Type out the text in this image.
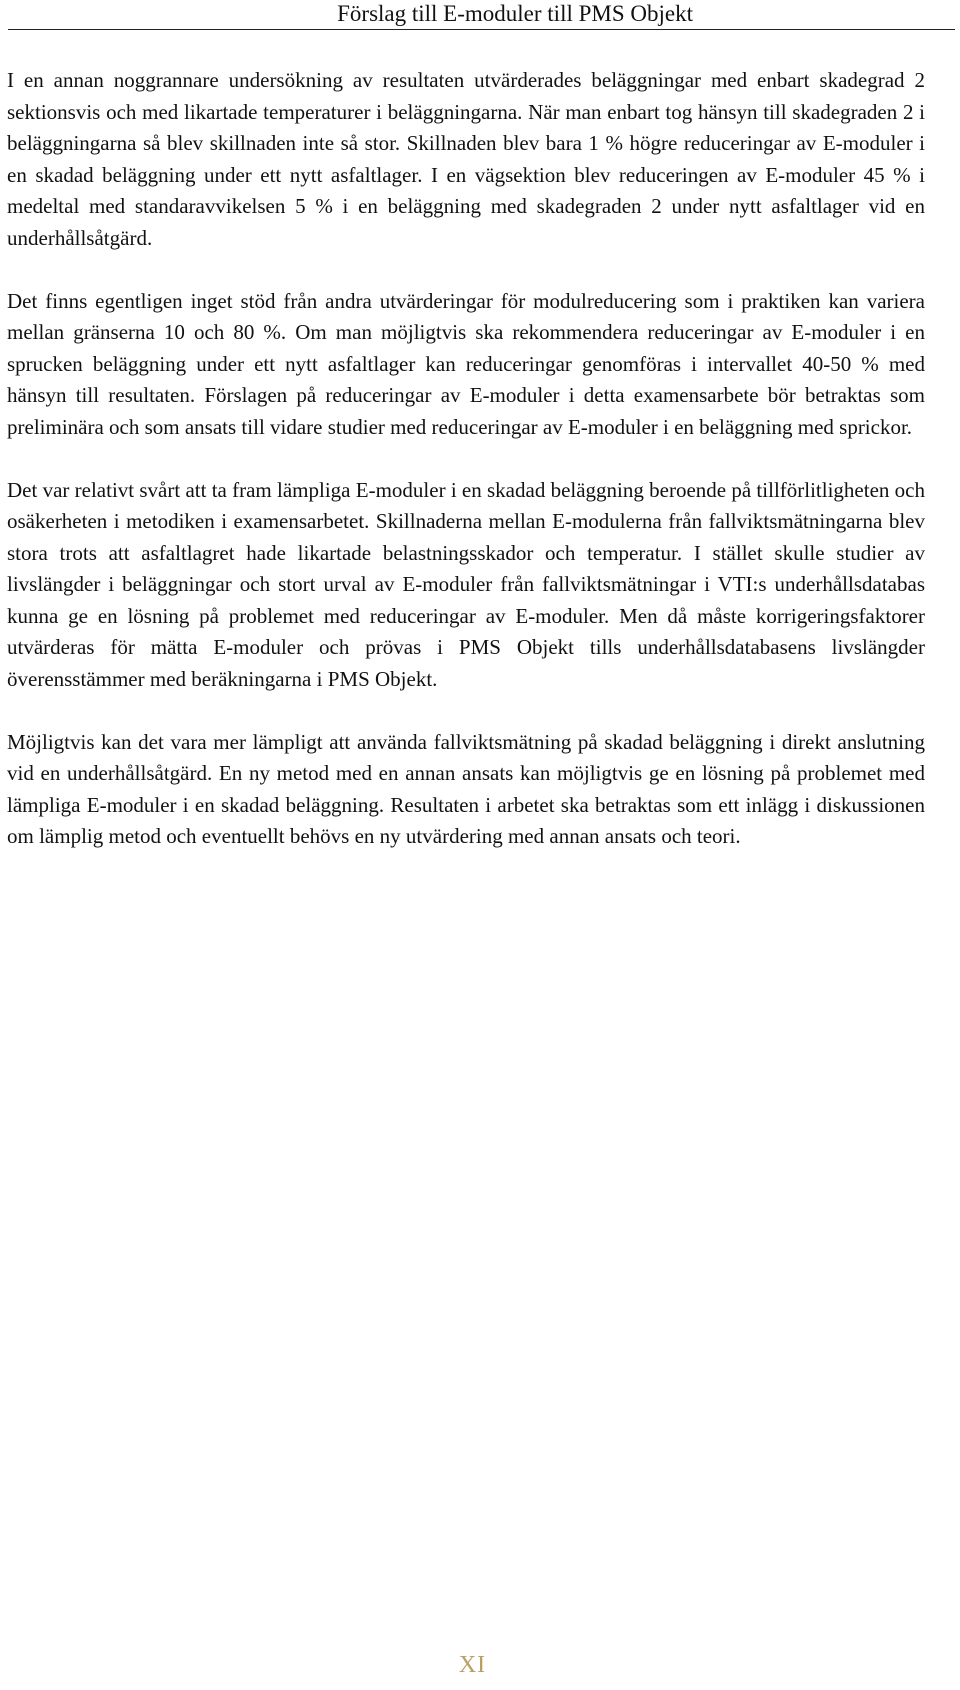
Förslag till E-moduler till PMS Objekt

I en annan noggrannare undersökning av resultaten utvärderades beläggningar med enbart skadegrad 2 sektionsvis och med likartade temperaturer i beläggningarna. När man enbart tog hänsyn till skadegraden 2 i beläggningarna så blev skillnaden inte så stor. Skillnaden blev bara 1 % högre reduceringar av E-moduler i en skadad beläggning under ett nytt asfaltlager. I en vägsektion blev reduceringen av E-moduler 45 % i medeltal med standaravvikelsen 5 % i en beläggning med skadegraden 2 under nytt asfaltlager vid en underhållsåtgärd.

Det finns egentligen inget stöd från andra utvärderingar för modulreducering som i praktiken kan variera mellan gränserna 10 och 80 %. Om man möjligtvis ska rekommendera reduceringar av E-moduler i en sprucken beläggning under ett nytt asfaltlager kan reduceringar genomföras i intervallet 40-50 % med hänsyn till resultaten. Förslagen på reduceringar av E-moduler i detta examensarbete bör betraktas som preliminära och som ansats till vidare studier med reduceringar av E-moduler i en beläggning med sprickor.

Det var relativt svårt att ta fram lämpliga E-moduler i en skadad beläggning beroende på tillförlitligheten och osäkerheten i metodiken i examensarbetet. Skillnaderna mellan E-modulerna från fallviktsmätningarna blev stora trots att asfaltlagret hade likartade belastningsskador och temperatur. I stället skulle studier av livslängder i beläggningar och stort urval av E-moduler från fallviktsmätningar i VTI:s underhållsdatabas kunna ge en lösning på problemet med reduceringar av E-moduler. Men då måste korrigeringsfaktorer utvärderas för mätta E-moduler och prövas i PMS Objekt tills underhållsdatabasens livslängder överensstämmer med beräkningarna i PMS Objekt.

Möjligtvis kan det vara mer lämpligt att använda fallviktsmätning på skadad beläggning i direkt anslutning vid en underhållsåtgärd. En ny metod med en annan ansats kan möjligtvis ge en lösning på problemet med lämpliga E-moduler i en skadad beläggning. Resultaten i arbetet ska betraktas som ett inlägg i diskussionen om lämplig metod och eventuellt behövs en ny utvärdering med annan ansats och teori.

XI
